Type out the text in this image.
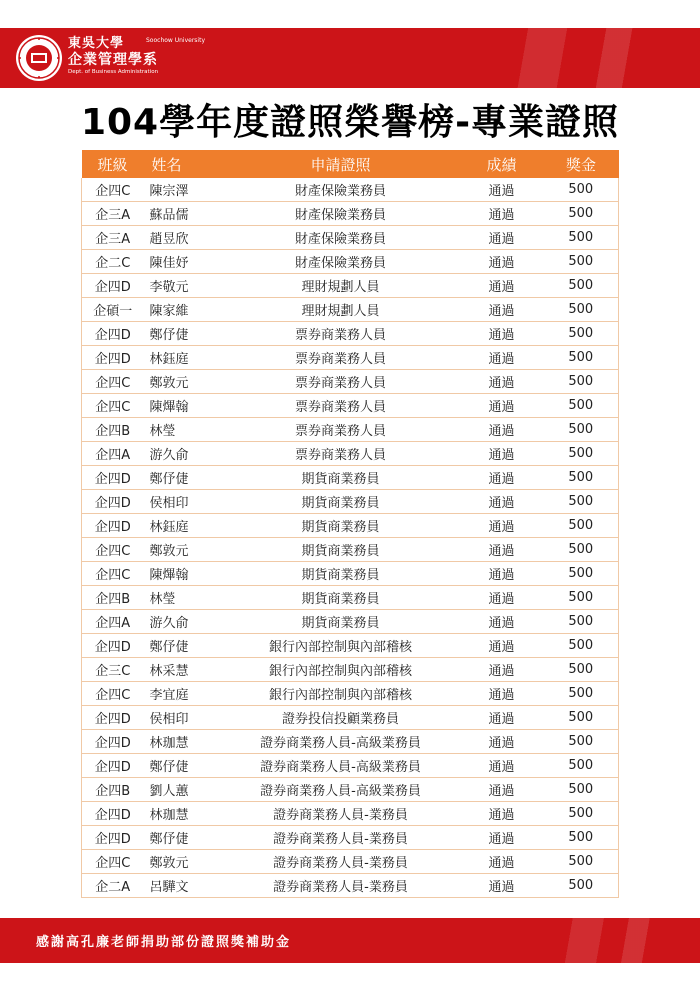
東吳大學	Soochow University
企業管理學系
Dept. of Business Administration
104學年度證照榮譽榜-專業證照
班級	姓名	申請證照	成績	獎金
企四C	陳宗澤	財產保險業務員	通過	500
企三A	蘇品儒	財產保險業務員	通過	500
企三A	趙昱欣	財產保險業務員	通過	500
企二C	陳佳妤	財產保險業務員	通過	500
企四D	李敬元	理財規劃人員	通過	500
企碩一	陳家維	理財規劃人員	通過	500
企四D	鄭伃倢	票券商業務人員	通過	500
企四D	林鈺庭	票券商業務人員	通過	500
企四C	鄭敦元	票券商業務人員	通過	500
企四C	陳熚翰	票券商業務人員	通過	500
企四B	林瑩	票券商業務人員	通過	500
企四A	游久俞	票券商業務人員	通過	500
企四D	鄭伃倢	期貨商業務員	通過	500
企四D	侯相印	期貨商業務員	通過	500
企四D	林鈺庭	期貨商業務員	通過	500
企四C	鄭敦元	期貨商業務員	通過	500
企四C	陳熚翰	期貨商業務員	通過	500
企四B	林瑩	期貨商業務員	通過	500
企四A	游久俞	期貨商業務員	通過	500
企四D	鄭伃倢	銀行內部控制與內部稽核	通過	500
企三C	林采慧	銀行內部控制與內部稽核	通過	500
企四C	李宜庭	銀行內部控制與內部稽核	通過	500
企四D	侯相印	證券投信投顧業務員	通過	500
企四D	林珈慧	證券商業務人員-高級業務員	通過	500
企四D	鄭伃倢	證券商業務人員-高級業務員	通過	500
企四B	劉人蕙	證券商業務人員-高級業務員	通過	500
企四D	林珈慧	證券商業務人員-業務員	通過	500
企四D	鄭伃倢	證券商業務人員-業務員	通過	500
企四C	鄭敦元	證券商業務人員-業務員	通過	500
企二A	呂驊文	證券商業務人員-業務員	通過	500
感謝高孔廉老師捐助部份證照獎補助金
